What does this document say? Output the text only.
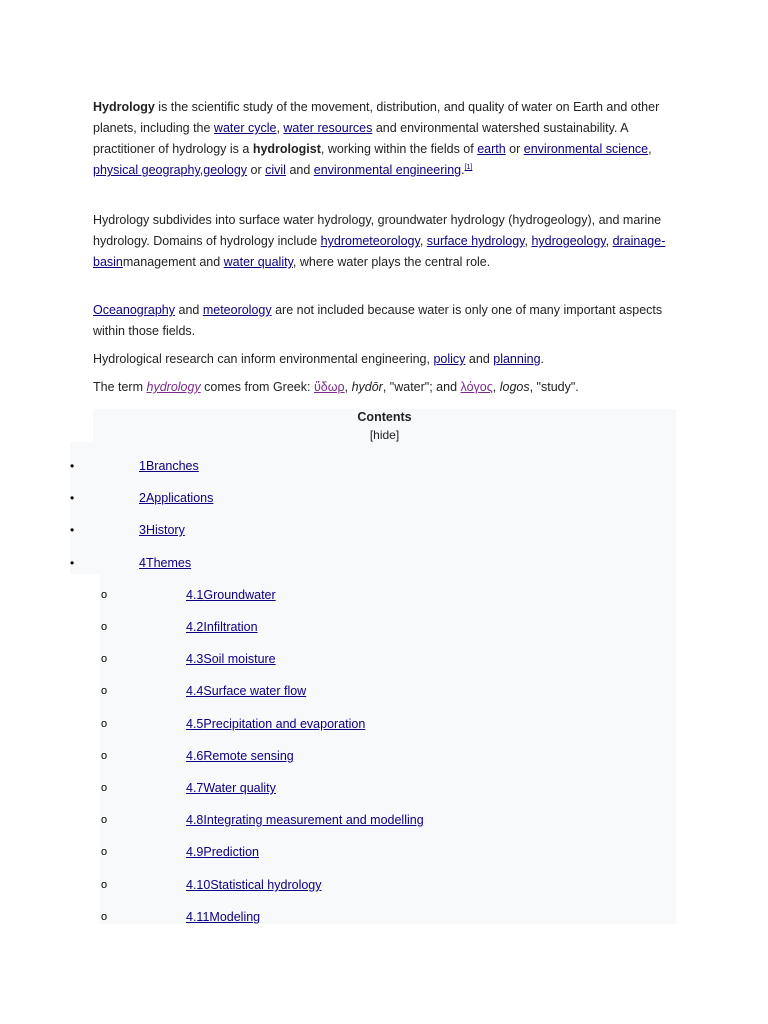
Hydrology is the scientific study of the movement, distribution, and quality of water on Earth and other planets, including the water cycle, water resources and environmental watershed sustainability. A practitioner of hydrology is a hydrologist, working within the fields of earth or environmental science, physical geography,geology or civil and environmental engineering.[1]

Hydrology subdivides into surface water hydrology, groundwater hydrology (hydrogeology), and marine hydrology. Domains of hydrology include hydrometeorology, surface hydrology, hydrogeology, drainage-basinmanagement and water quality, where water plays the central role.

Oceanography and meteorology are not included because water is only one of many important aspects within those fields.

Hydrological research can inform environmental engineering, policy and planning.

The term hydrology comes from Greek: ὕδωρ, hydōr, "water"; and λόγος, logos, "study".

Contents
[hide]
•	1Branches
•	2Applications
•	3History
•	4Themes
o	4.1Groundwater
o	4.2Infiltration
o	4.3Soil moisture
o	4.4Surface water flow
o	4.5Precipitation and evaporation
o	4.6Remote sensing
o	4.7Water quality
o	4.8Integrating measurement and modelling
o	4.9Prediction
o	4.10Statistical hydrology
o	4.11Modeling
